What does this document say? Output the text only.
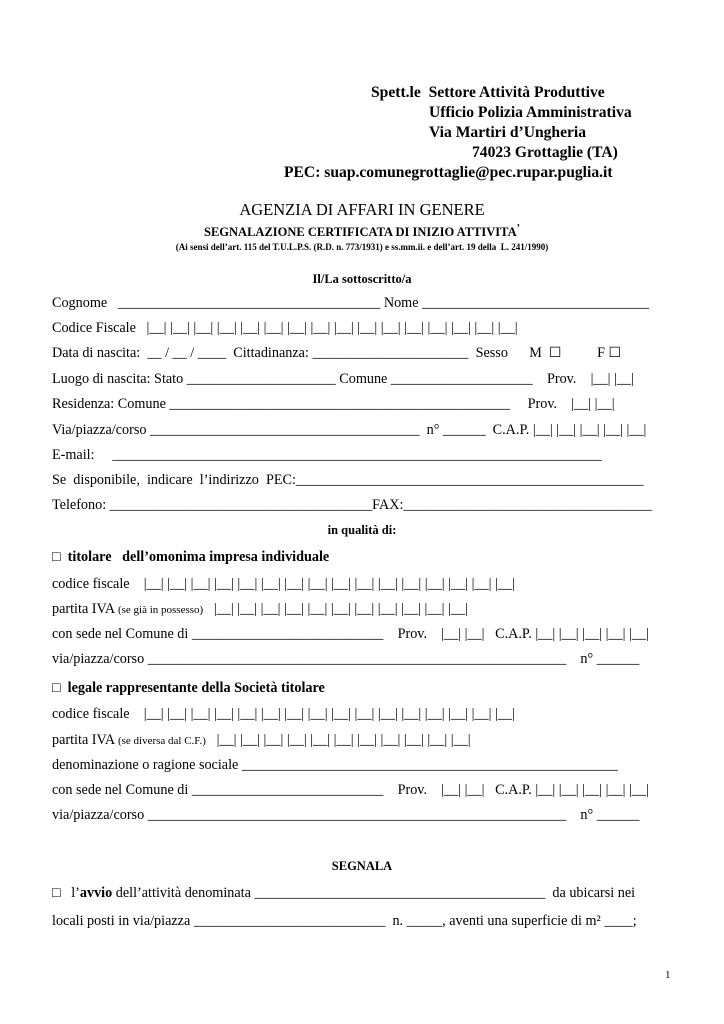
Spett.le  Settore Attività Produttive
Ufficio Polizia Amministrativa
Via Martiri d’Ungheria
74023 Grottaglie (TA)
PEC: suap.comunegrottaglie@pec.rupar.puglia.it
AGENZIA DI AFFARI IN GENERE
SEGNALAZIONE CERTIFICATA DI INIZIO ATTIVITA’
(Ai sensi dell’art. 115 del T.U.L.P.S. (R.D. n. 773/1931) e ss.mm.ii. e dell’art. 19 della  L. 241/1990)
Il/La sottoscritto/a
Cognome   _____________________________________ Nome ________________________________
Codice Fiscale   |__| |__| |__| |__| |__| |__| |__| |__| |__| |__| |__| |__| |__| |__| |__| |__|
Data di nascita:  __ / __ / ____  Cittadinanza: ______________________  Sesso      M  ☐          F ☐
Luogo di nascita: Stato _____________________ Comune ____________________    Prov.    |__| |__|
Residenza: Comune ________________________________________________     Prov.    |__| |__|
Via/piazza/corso ______________________________________  n° ______  C.A.P. |__| |__| |__| |__| |__|
E-mail:     _____________________________________________________________________
Se  disponibile,  indicare  l’indirizzo  PEC:_________________________________________________
Telefono: _____________________________________FAX:___________________________________
in qualità di:
□  titolare   dell’omonima impresa individuale
codice fiscale    |__| |__| |__| |__| |__| |__| |__| |__| |__| |__| |__| |__| |__| |__| |__| |__|
partita IVA (se già in possesso)   |__| |__| |__| |__| |__| |__| |__| |__| |__| |__| |__|
con sede nel Comune di ___________________________    Prov.    |__| |__|   C.A.P. |__| |__| |__| |__| |__|
via/piazza/corso ___________________________________________________________    n° ______
□  legale rappresentante della Società titolare
codice fiscale    |__| |__| |__| |__| |__| |__| |__| |__| |__| |__| |__| |__| |__| |__| |__| |__|
partita IVA (se diversa dal C.F.)   |__| |__| |__| |__| |__| |__| |__| |__| |__| |__| |__|
denominazione o ragione sociale _____________________________________________________
con sede nel Comune di ___________________________    Prov.    |__| |__|   C.A.P. |__| |__| |__| |__| |__|
via/piazza/corso ___________________________________________________________    n° ______
SEGNALA
□   l’avvio dell’attività denominata _________________________________________  da ubicarsi nei
locali posti in via/piazza ___________________________  n. _____, aventi una superficie di m² ____;
1
